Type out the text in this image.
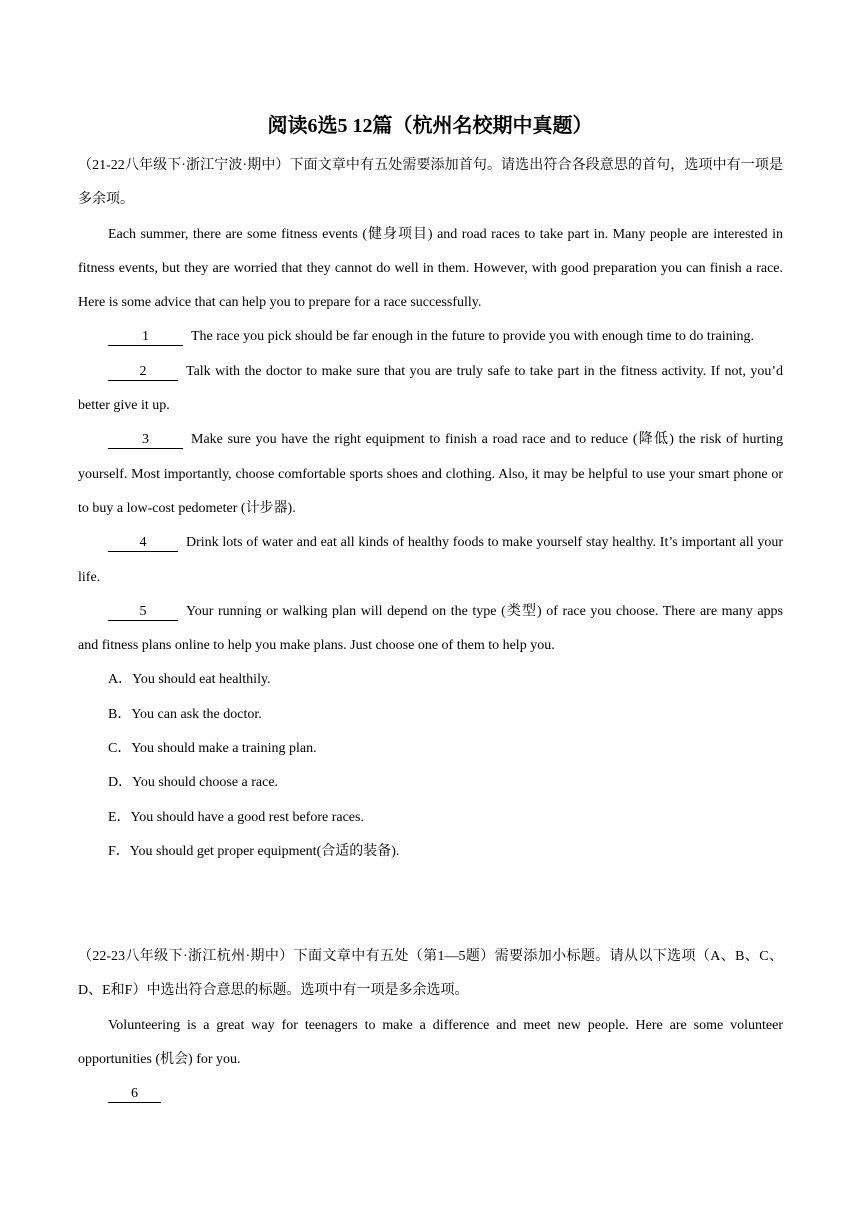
阅读6选5 12篇（杭州名校期中真题）

（21-22八年级下·浙江宁波·期中）下面文章中有五处需要添加首句。请选出符合各段意思的首句，选项中有一项是多余项。

Each summer, there are some fitness events (健身项目) and road races to take part in. Many people are interested in fitness events, but they are worried that they cannot do well in them. However, with good preparation you can finish a race. Here is some advice that can help you to prepare for a race successfully.

1	The race you pick should be far enough in the future to provide you with enough time to do training.

2	Talk with the doctor to make sure that you are truly safe to take part in the fitness activity. If not, you’d better give it up.

3	Make sure you have the right equipment to finish a road race and to reduce (降低) the risk of hurting yourself. Most importantly, choose comfortable sports shoes and clothing. Also, it may be helpful to use your smart phone or to buy a low-cost pedometer (计步器).

4	Drink lots of water and eat all kinds of healthy foods to make yourself stay healthy. It’s important all your life.

5	Your running or walking plan will depend on the type (类型) of race you choose. There are many apps and fitness plans online to help you make plans. Just choose one of them to help you.

A．You should eat healthily.

B．You can ask the doctor.

C．You should make a training plan.

D．You should choose a race.

E．You should have a good rest before races.

F．You should get proper equipment(合适的装备).

（22-23八年级下·浙江杭州·期中）下面文章中有五处（第1—5题）需要添加小标题。请从以下选项（A、B、C、D、E和F）中选出符合意思的标题。选项中有一项是多余选项。

Volunteering is a great way for teenagers to make a difference and meet new people. Here are some volunteer opportunities (机会) for you.

6
